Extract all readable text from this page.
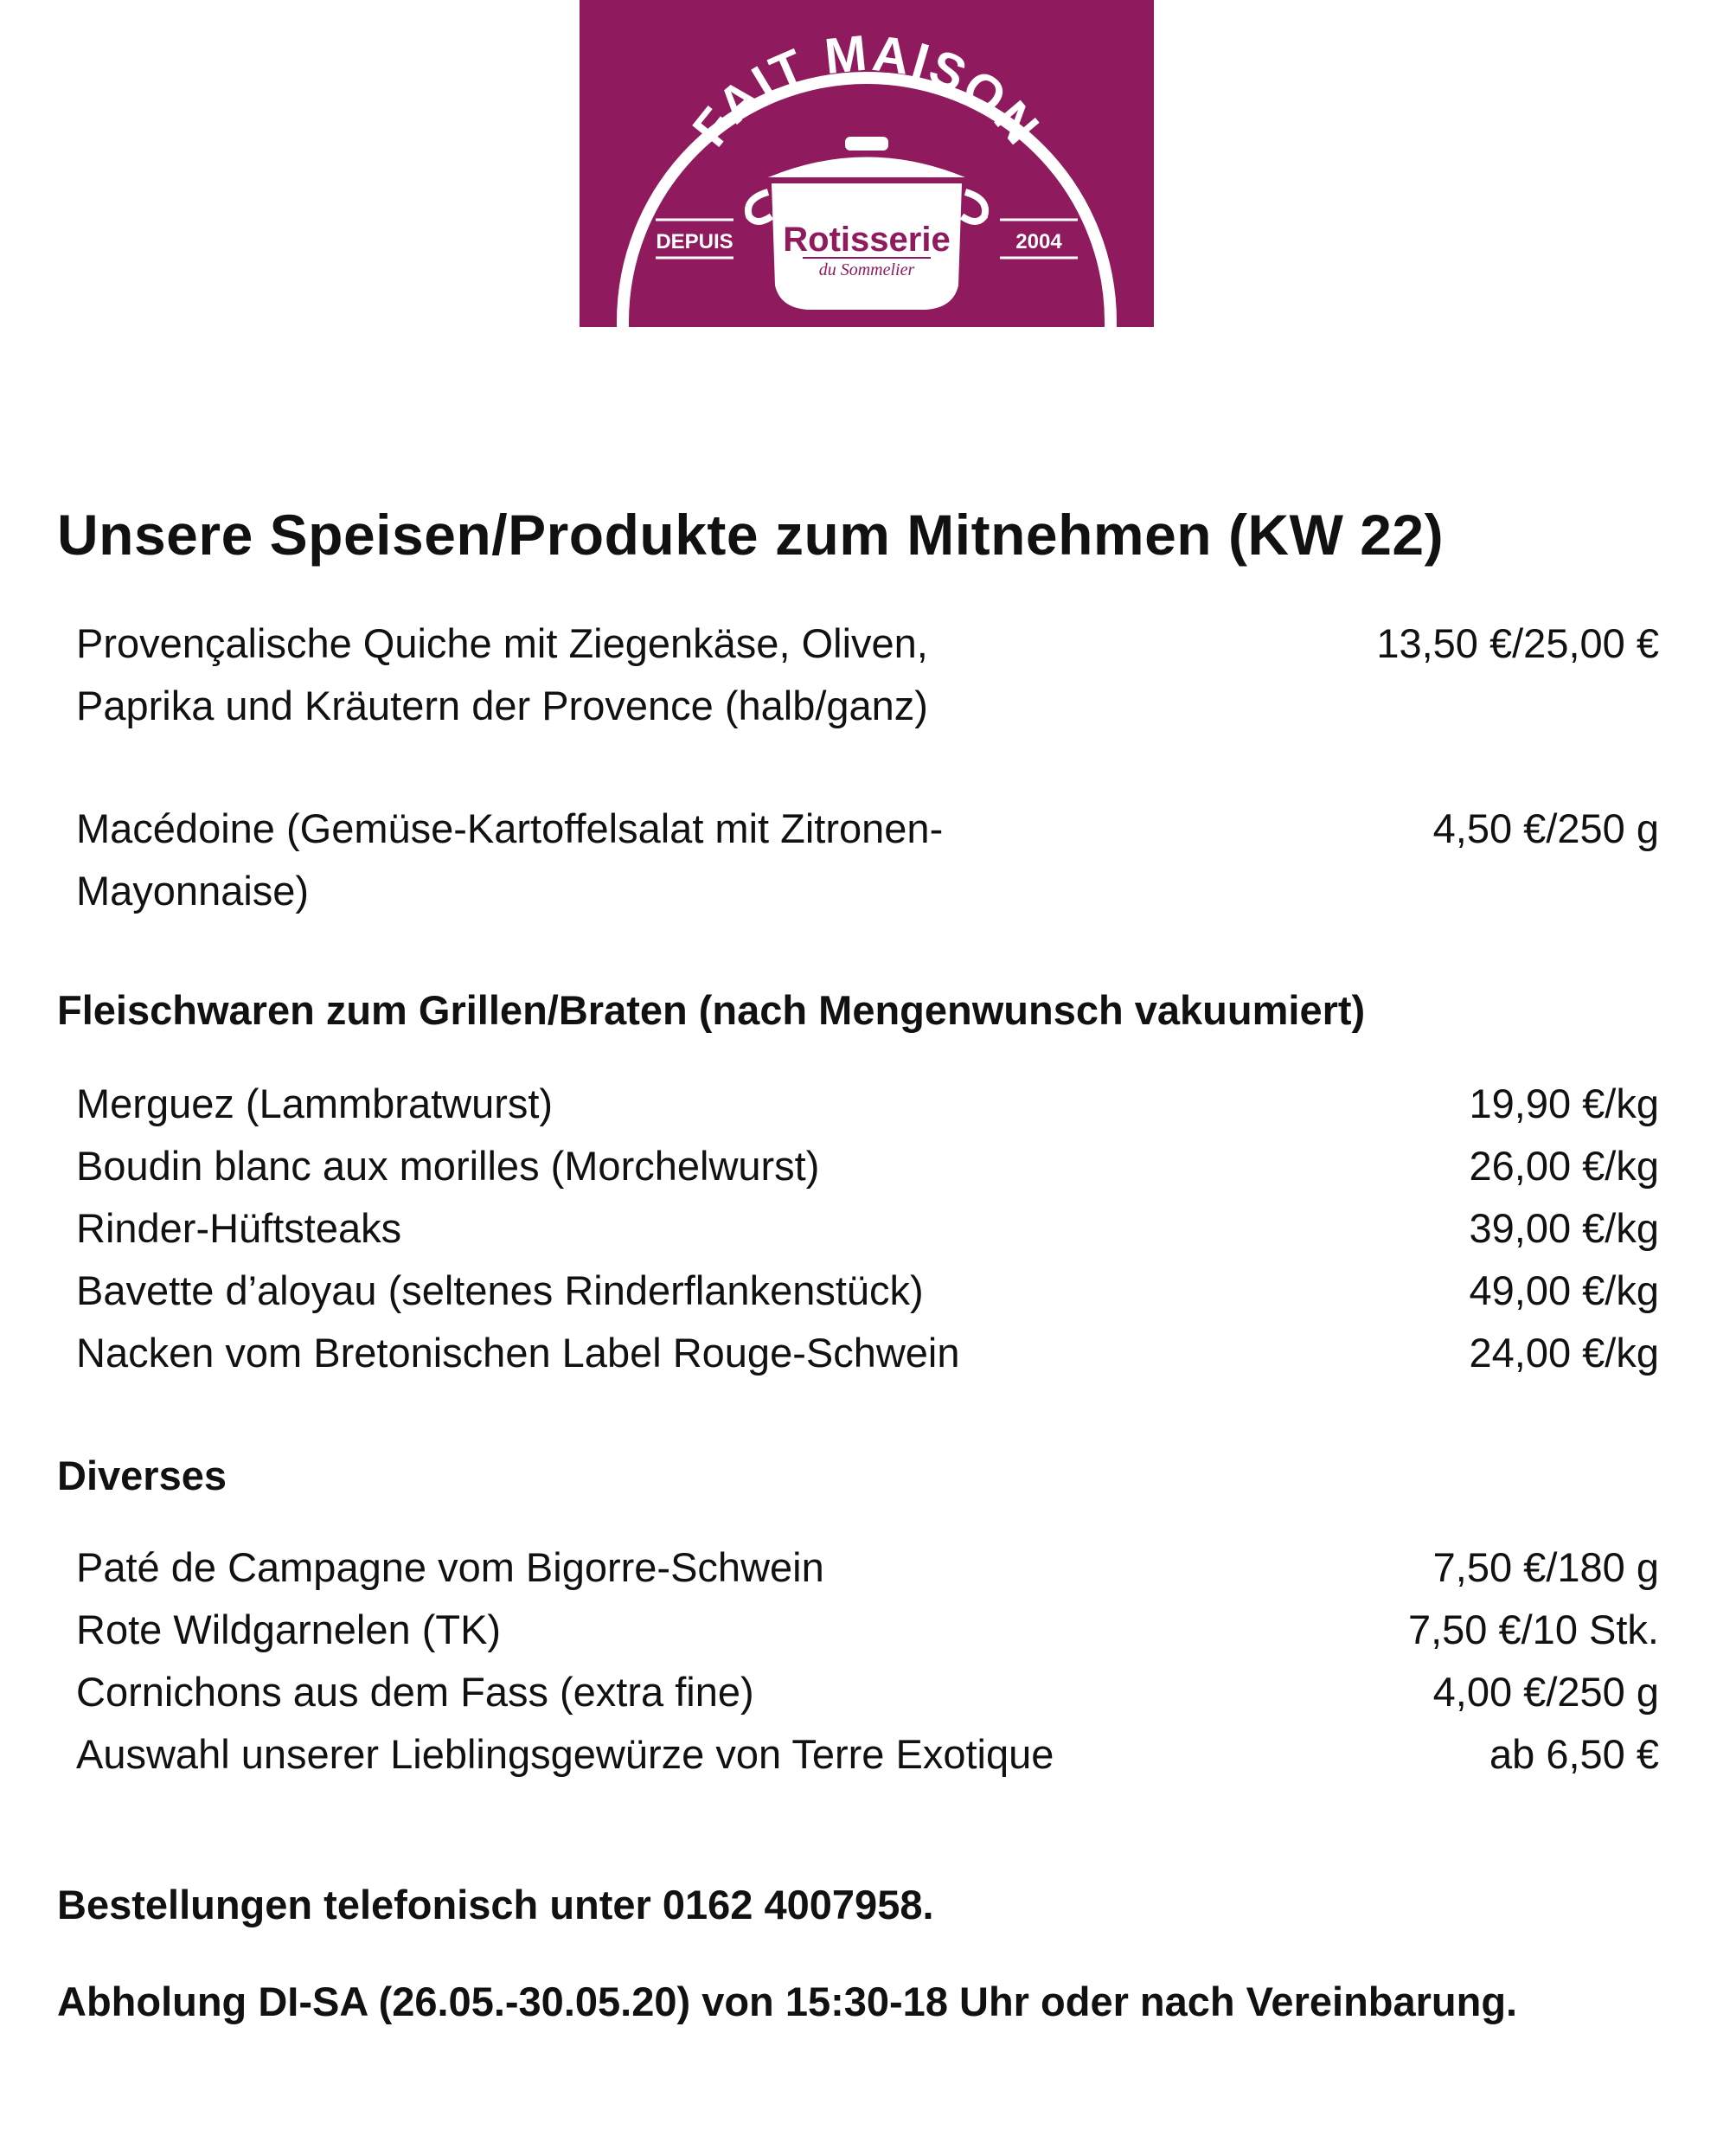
FAIT MAISON
DEPUIS	2004
Rotisserie
du Sommelier
Unsere Speisen/Produkte zum Mitnehmen (KW 22)
Provençalische Quiche mit Ziegenkäse, Oliven,
Paprika und Kräutern der Provence (halb/ganz)
13,50 €/25,00 €
Macédoine (Gemüse-Kartoffelsalat mit Zitronen-
Mayonnaise)
4,50 €/250 g
Fleischwaren zum Grillen/Braten (nach Mengenwunsch vakuumiert)
Merguez (Lammbratwurst)	19,90 €/kg
Boudin blanc aux morilles (Morchelwurst)	26,00 €/kg
Rinder-Hüftsteaks	39,00 €/kg
Bavette d’aloyau (seltenes Rinderflankenstück)	49,00 €/kg
Nacken vom Bretonischen Label Rouge-Schwein	24,00 €/kg
Diverses
Paté de Campagne vom Bigorre-Schwein	7,50 €/180 g
Rote Wildgarnelen (TK)	7,50 €/10 Stk.
Cornichons aus dem Fass (extra fine)	4,00 €/250 g
Auswahl unserer Lieblingsgewürze von Terre Exotique	ab 6,50 €
Bestellungen telefonisch unter 0162 4007958.
Abholung DI-SA (26.05.-30.05.20) von 15:30-18 Uhr oder nach Vereinbarung.
